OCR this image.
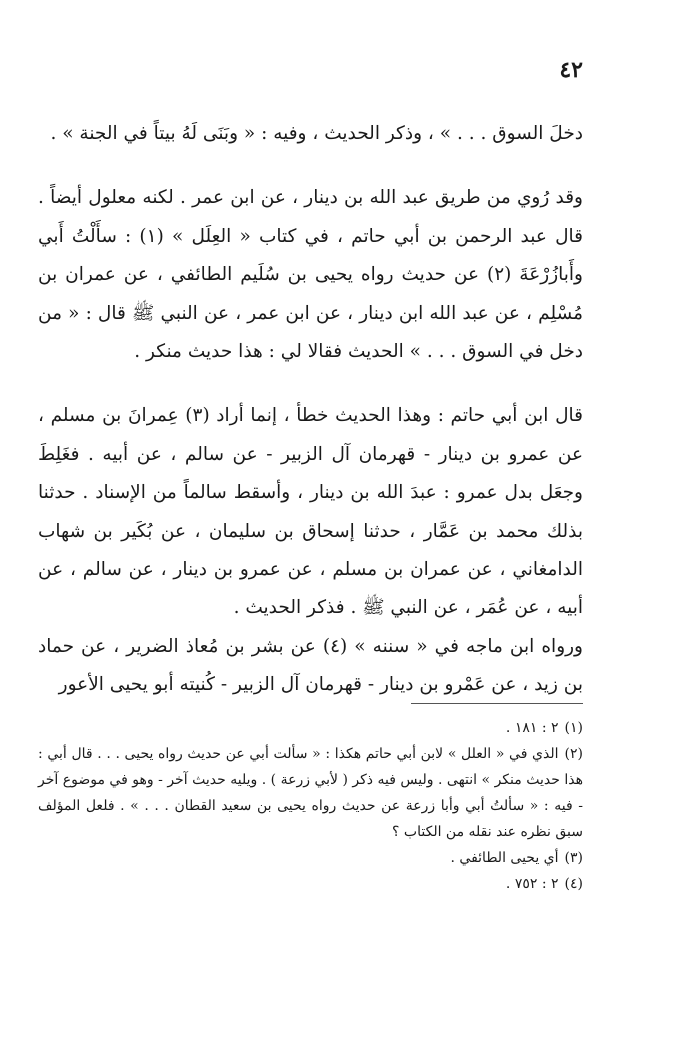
٤٢

دخلَ السوق . . . » ، وذكر الحديث ، وفيه : « وبَنَى لَهُ بيتاً في الجنة » .

وقد رُوي من طريق عبد الله بن دينار ، عن ابن عمر . لكنه معلول أيضاً . قال عبد الرحمن بن أبي حاتم ، في كتاب « العِلَل » (١) : سأَلْتُ أَبي وأَبازُرْعَةَ (٢) عن حديث رواه يحيى بن سُلَيم الطائفي ، عن عمران بن مُسْلِم ، عن عبد الله ابن دينار ، عن ابن عمر ، عن النبي ﷺ قال : « من دخل في السوق . . . » الحديث فقالا لي : هذا حديث منكر .

قال ابن أبي حاتم : وهذا الحديث خطأ ، إنما أراد (٣) عِمرانَ بن مسلم ، عن عمرو بن دينار - قهرمان آل الزبير - عن سالم ، عن أبيه . فغَلِطَ وجعَل بدل عمرو : عبدَ الله بن دينار ، وأسقط سالماً من الإسناد . حدثنا بذلك محمد بن عَمَّار ، حدثنا إسحاق بن سليمان ، عن بُكَير بن شهاب الدامغاني ، عن عمران بن مسلم ، عن عمرو بن دينار ، عن سالم ، عن أبيه ، عن عُمَر ، عن النبي ﷺ . فذكر الحديث .

ورواه ابن ماجه في « سننه » (٤) عن بشر بن مُعاذ الضرير ، عن حماد بن زيد ، عن عَمْرو بن دينار - قهرمان آل الزبير - كُنيته أبو يحيى الأعور

(١)٢ : ١٨١ .

(٢)الذي في « العلل » لابن أبي حاتم هكذا : « سألت أبي عن حديث رواه يحيى . . . قال أبي : هذا حديث منكر » انتهى . وليس فيه ذكر ( لأبي زرعة ) . ويليه حديث آخر - وهو في موضوع آخر - فيه : « سألتُ أبي وأبا زرعة عن حديث رواه يحيى بن سعيد القطان . . . » . فلعل المؤلف سبق نظره عند نقله من الكتاب ؟

(٣)أي يحيى الطائفي .

(٤)٢ : ٧٥٢ .
